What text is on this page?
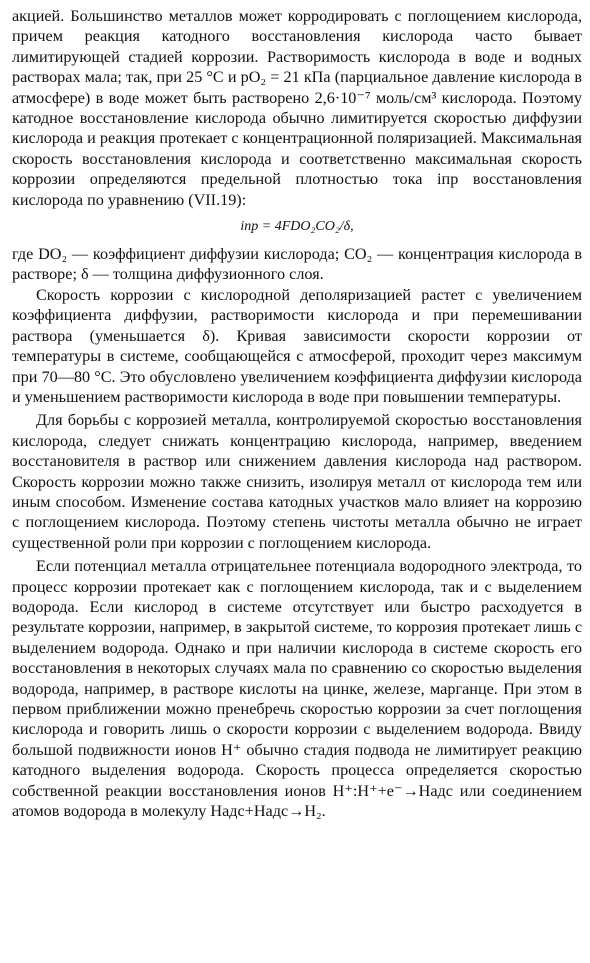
акцией. Большинство металлов может корродировать с поглощением кислорода, причем реакция катодного восстановления кислорода часто бывает лимитирующей стадией коррозии. Растворимость кислорода в воде и водных растворах мала; так, при 25 °С и pO₂ = 21 кПа (парциальное давление кислорода в атмосфере) в воде может быть растворено 2,6·10⁻⁷ моль/см³ кислорода. Поэтому катодное восстановление кислорода обычно лимитируется скоростью диффузии кислорода и реакция протекает с концентрационной поляризацией. Максимальная скорость восстановления кислорода и соответственно максимальная скорость коррозии определяются предельной плотностью тока iпр восстановления кислорода по уравнению (VII.19):

iпр = 4FDO₂CO₂/δ,

где DO₂ — коэффициент диффузии кислорода; CO₂ — концентрация кислорода в растворе; δ — толщина диффузионного слоя.

Скорость коррозии с кислородной деполяризацией растет с увеличением коэффициента диффузии, растворимости кислорода и при перемешивании раствора (уменьшается δ). Кривая зависимости скорости коррозии от температуры в системе, сообщающейся с атмосферой, проходит через максимум при 70—80 °С. Это обусловлено увеличением коэффициента диффузии кислорода и уменьшением растворимости кислорода в воде при повышении температуры.

Для борьбы с коррозией металла, контролируемой скоростью восстановления кислорода, следует снижать концентрацию кислорода, например, введением восстановителя в раствор или снижением давления кислорода над раствором. Скорость коррозии можно также снизить, изолируя металл от кислорода тем или иным способом. Изменение состава катодных участков мало влияет на коррозию с поглощением кислорода. Поэтому степень чистоты металла обычно не играет существенной роли при коррозии с поглощением кислорода.

Если потенциал металла отрицательнее потенциала водородного электрода, то процесс коррозии протекает как с поглощением кислорода, так и с выделением водорода. Если кислород в системе отсутствует или быстро расходуется в результате коррозии, например, в закрытой системе, то коррозия протекает лишь с выделением водорода. Однако и при наличии кислорода в системе скорость его восстановления в некоторых случаях мала по сравнению со скоростью выделения водорода, например, в растворе кислоты на цинке, железе, марганце. При этом в первом приближении можно пренебречь скоростью коррозии за счет поглощения кислорода и говорить лишь о скорости коррозии с выделением водорода. Ввиду большой подвижности ионов H⁺ обычно стадия подвода не лимитирует реакцию катодного выделения водорода. Скорость процесса определяется скоростью собственной реакции восстановления ионов H⁺:H⁺+e⁻→Hадс или соединением атомов водорода в молекулу Hадс+Hадс→H₂.
